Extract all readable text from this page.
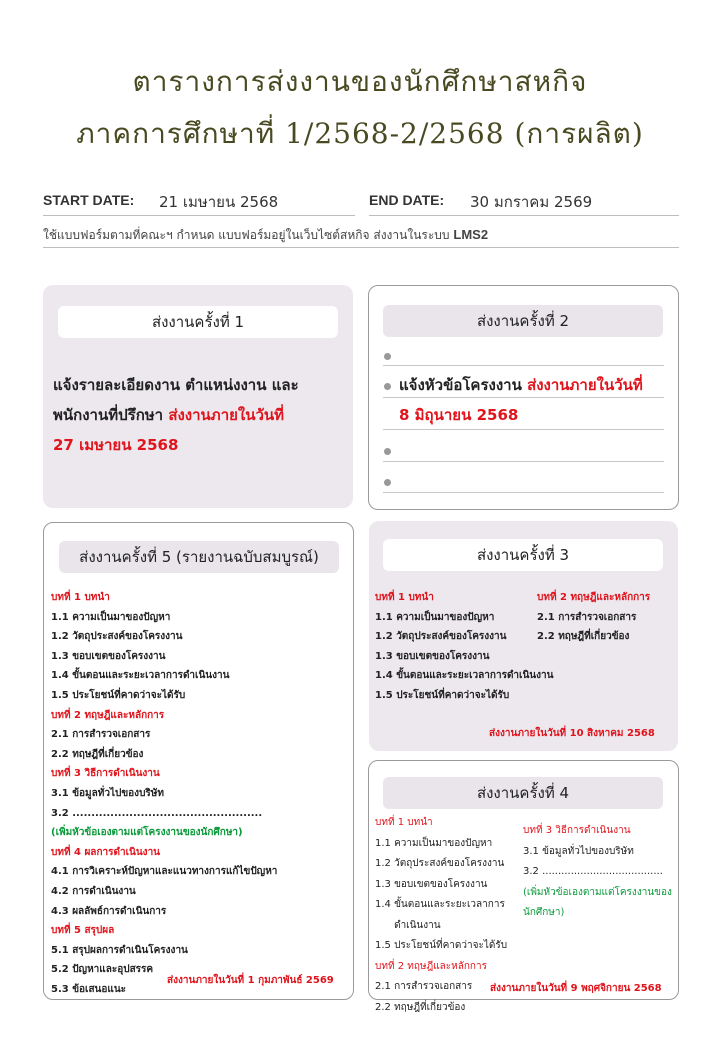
ตารางการส่งงานของนักศึกษาสหกิจ
ภาคการศึกษาที่ 1/2568-2/2568 (การผลิต)
START DATE: 21 เมษายน 2568	END DATE: 30 มกราคม 2569
ใช้แบบฟอร์มตามที่คณะฯ กำหนด แบบฟอร์มอยู่ในเว็บไซต์สหกิจ ส่งงานในระบบ LMS2
ส่งงานครั้งที่ 1
แจ้งรายละเอียดงาน ตำแหน่งงาน และพนักงานที่ปรึกษา ส่งงานภายในวันที่
27 เมษายน 2568
ส่งงานครั้งที่ 2
แจ้งหัวข้อโครงงาน ส่งงานภายในวันที่
8 มิถุนายน 2568
ส่งงานครั้งที่ 5 (รายงานฉบับสมบูรณ์)
บทที่ 1 บทนำ
1.1 ความเป็นมาของปัญหา
1.2 วัตถุประสงค์ของโครงงาน
1.3 ขอบเขตของโครงงาน
1.4 ขั้นตอนและระยะเวลาการดำเนินงาน
1.5 ประโยชน์ที่คาดว่าจะได้รับ
บทที่ 2 ทฤษฎีและหลักการ
2.1 การสำรวจเอกสาร
2.2 ทฤษฎีที่เกี่ยวข้อง
บทที่ 3 วิธีการดำเนินงาน
3.1 ข้อมูลทั่วไปของบริษัท
3.2 ..................................................
(เพิ่มหัวข้อเองตามแต่โครงงานของนักศึกษา)
บทที่ 4 ผลการดำเนินงาน
4.1 การวิเคราะห์ปัญหาและแนวทางการแก้ไขปัญหา
4.2 การดำเนินงาน
4.3 ผลลัพธ์การดำเนินการ
บทที่ 5 สรุปผล
5.1 สรุปผลการดำเนินโครงงาน
5.2 ปัญหาและอุปสรรค
5.3 ข้อเสนอแนะ
ส่งงานภายในวันที่ 1 กุมภาพันธ์ 2569
ส่งงานครั้งที่ 3
บทที่ 1 บทนำ
1.1 ความเป็นมาของปัญหา
1.2 วัตถุประสงค์ของโครงงาน
1.3 ขอบเขตของโครงงาน
1.4 ขั้นตอนและระยะเวลาการดำเนินงาน
1.5 ประโยชน์ที่คาดว่าจะได้รับ
บทที่ 2 ทฤษฎีและหลักการ
2.1 การสำรวจเอกสาร
2.2 ทฤษฎีที่เกี่ยวข้อง
ส่งงานภายในวันที่ 10 สิงหาคม 2568
ส่งงานครั้งที่ 4
บทที่ 1 บทนำ
1.1 ความเป็นมาของปัญหา
1.2 วัตถุประสงค์ของโครงงาน
1.3 ขอบเขตของโครงงาน
1.4 ขั้นตอนและระยะเวลาการ
ดำเนินงาน
1.5 ประโยชน์ที่คาดว่าจะได้รับ
บทที่ 2 ทฤษฎีและหลักการ
2.1 การสำรวจเอกสาร
2.2 ทฤษฎีที่เกี่ยวข้อง
บทที่ 3 วิธีการดำเนินงาน
3.1 ข้อมูลทั่วไปของบริษัท
3.2 ......................................
(เพิ่มหัวข้อเองตามแต่โครงงานของ
นักศึกษา)
ส่งงานภายในวันที่ 9 พฤศจิกายน 2568
